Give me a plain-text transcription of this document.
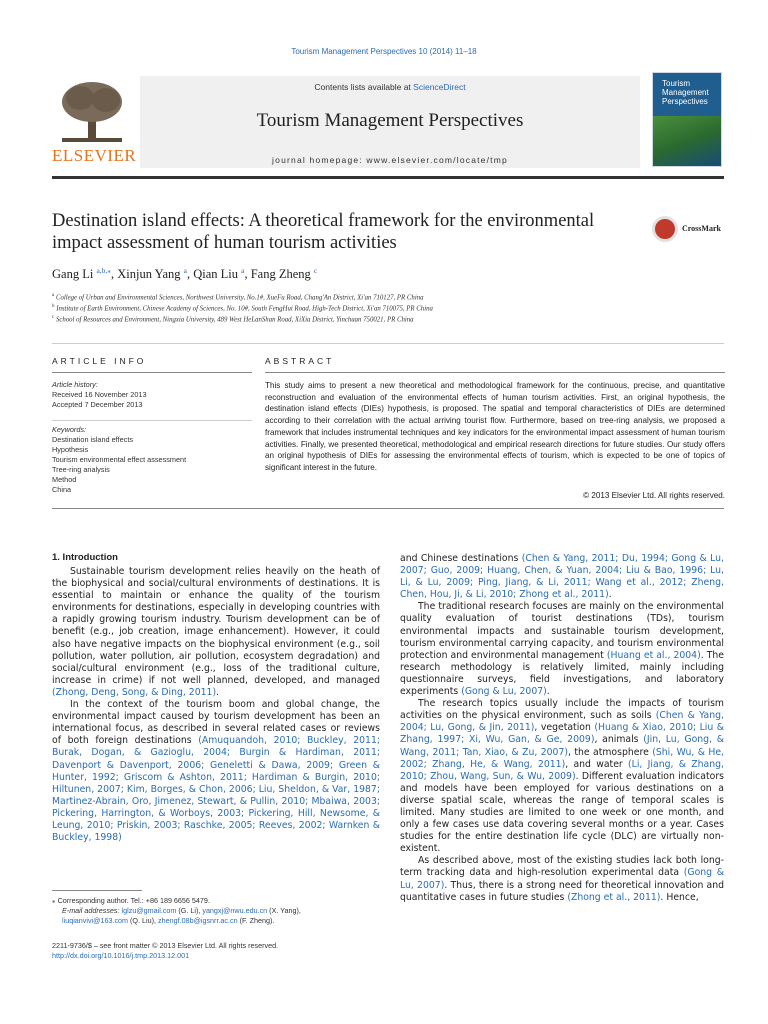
Tourism Management Perspectives 10 (2014) 11–18
ELSEVIER
Contents lists available at ScienceDirect
Tourism Management Perspectives
journal homepage: www.elsevier.com/locate/tmp
Tourism
Management
Perspectives
Destination island effects: A theoretical framework for the environmental impact assessment of human tourism activities
CrossMark
Gang Li $^{a,b,⁎}$, Xinjun Yang $^a$, Qian Liu $^a$, Fang Zheng $^c$
$^a$ College of Urban and Environmental Sciences, Northwest University, No.1#, XueFu Road, Chang'An District, Xi'an 710127, PR China
$^b$ Institute of Earth Environment, Chinese Academy of Sciences, No. 10#, South FengHui Road, High-Tech District, Xi'an 710075, PR China
$^c$ School of Resources and Environment, Ningxia University, 489 West HeLanShan Road, XiXia District, Yinchuan 750021, PR China
ARTICLE INFO	ABSTRACT
Article history:
Received 16 November 2013
Accepted 7 December 2013
Keywords:
Destination island effects
Hypothesis
Tourism environmental effect assessment
Tree-ring analysis
Method
China
This study aims to present a new theoretical and methodological framework for the continuous, precise, and quantitative reconstruction and evaluation of the environmental effects of human tourism activities. First, an original hypothesis, the destination island effects (DIEs) hypothesis, is proposed. The spatial and temporal characteristics of DIEs are determined according to their correlation with the actual arriving tourist flow. Furthermore, based on tree-ring analysis, we proposed a framework that includes instrumental techniques and key indicators for the environmental impact assessment of human tourism activities. Finally, we presented theoretical, methodological and empirical research directions for future studies. Our study offers an original hypothesis of DIEs for assessing the environmental effects of tourism, which is expected to be one of topics of significant interest in the future.
© 2013 Elsevier Ltd. All rights reserved.
1. Introduction

Sustainable tourism development relies heavily on the heath of the biophysical and social/cultural environments of destinations. It is essential to maintain or enhance the quality of the tourism environments for destinations, especially in developing countries with a rapidly growing tourism industry. Tourism development can be of benefit (e.g., job creation, image enhancement). However, it could also have negative impacts on the biophysical environment (e.g., soil pollution, water pollution, air pollution, ecosystem degradation) and social/cultural environment (e.g., loss of the traditional culture, increase in crime) if not well planned, developed, and managed (Zhong, Deng, Song, & Ding, 2011).

In the context of the tourism boom and global change, the environmental impact caused by tourism development has been an international focus, as described in several related cases or reviews of both foreign destinations (Amuquandoh, 2010; Buckley, 2011; Burak, Dogan, & Gazioglu, 2004; Burgin & Hardiman, 2011; Davenport & Davenport, 2006; Geneletti & Dawa, 2009; Green & Hunter, 1992; Griscom & Ashton, 2011; Hardiman & Burgin, 2010; Hiltunen, 2007; Kim, Borges, & Chon, 2006; Liu, Sheldon, & Var, 1987; Martinez-Abrain, Oro, Jimenez, Stewart, & Pullin, 2010; Mbaiwa, 2003; Pickering, Harrington, & Worboys, 2003; Pickering, Hill, Newsome, & Leung, 2010; Priskin, 2003; Raschke, 2005; Reeves, 2002; Warnken & Buckley, 1998)

and Chinese destinations (Chen & Yang, 2011; Du, 1994; Gong & Lu, 2007; Guo, 2009; Huang, Chen, & Yuan, 2004; Liu & Bao, 1996; Lu, Li, & Lu, 2009; Ping, Jiang, & Li, 2011; Wang et al., 2012; Zheng, Chen, Hou, Ji, & Li, 2010; Zhong et al., 2011).

The traditional research focuses are mainly on the environmental quality evaluation of tourist destinations (TDs), tourism environmental impacts and sustainable tourism development, tourism environmental carrying capacity, and tourism environmental protection and environmental management (Huang et al., 2004). The research methodology is relatively limited, mainly including questionnaire surveys, field investigations, and laboratory experiments (Gong & Lu, 2007).

The research topics usually include the impacts of tourism activities on the physical environment, such as soils (Chen & Yang, 2004; Lu, Gong, & Jin, 2011), vegetation (Huang & Xiao, 2010; Liu & Zhang, 1997; Xi, Wu, Gan, & Ge, 2009), animals (Jin, Lu, Gong, & Wang, 2011; Tan, Xiao, & Zu, 2007), the atmosphere (Shi, Wu, & He, 2002; Zhang, He, & Wang, 2011), and water (Li, Jiang, & Zhang, 2010; Zhou, Wang, Sun, & Wu, 2009). Different evaluation indicators and models have been employed for various destinations on a diverse spatial scale, whereas the range of temporal scales is limited. Many studies are limited to one week or one month, and only a few cases use data covering several months or a year. Cases studies for the entire destination life cycle (DLC) are virtually non-existent.

As described above, most of the existing studies lack both long-term tracking data and high-resolution experimental data (Gong & Lu, 2007). Thus, there is a strong need for theoretical innovation and quantitative cases in future studies (Zhong et al., 2011). Hence,

⁎ Corresponding author. Tel.: +86 189 6656 5479.
E-mail addresses: lglzu@gmail.com (G. Li), yangxj@nwu.edu.cn (X. Yang),
liuqianvivi@163.com (Q. Liu), zhengf.08b@igsnrr.ac.cn (F. Zheng).
2211-9736/$ – see front matter © 2013 Elsevier Ltd. All rights reserved.
http://dx.doi.org/10.1016/j.tmp.2013.12.001
